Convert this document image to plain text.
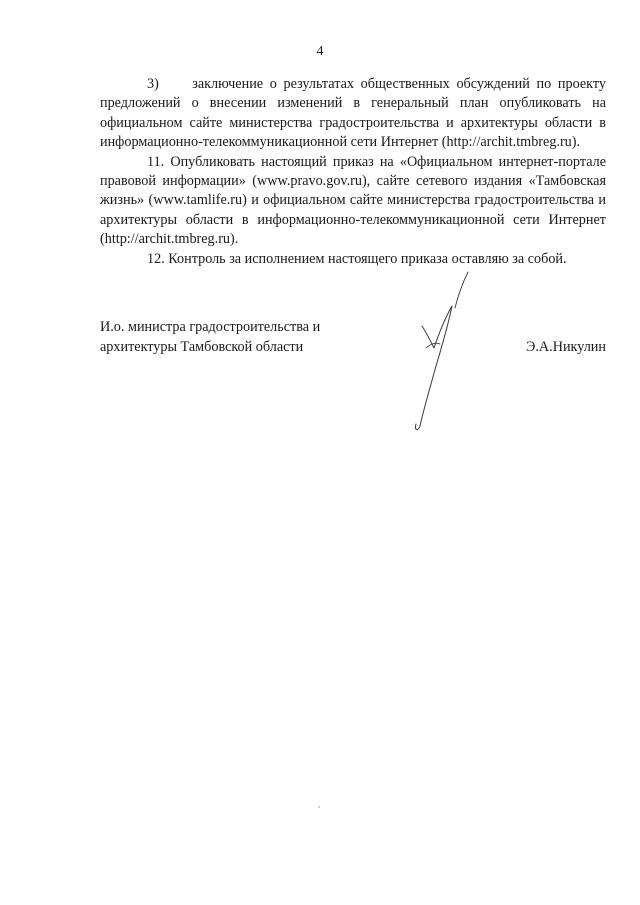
4

3)     заключение о результатах общественных обсуждений по проекту предложений о внесении изменений в генеральный план опубликовать на официальном сайте министерства градостроительства и архитектуры области в информационно-телекоммуникационной сети Интернет (http://archit.tmbreg.ru).

11. Опубликовать настоящий приказ на «Официальном интернет-портале правовой информации» (www.pravo.gov.ru), сайте сетевого издания «Тамбовская жизнь» (www.tamlife.ru) и официальном сайте министерства градостроительства и архитектуры области в информационно-телекоммуникационной сети Интернет (http://archit.tmbreg.ru).

12. Контроль за исполнением настоящего приказа оставляю за собой.

И.о. министра градостроительства и архитектуры Тамбовской области	Э.А.Никулин
